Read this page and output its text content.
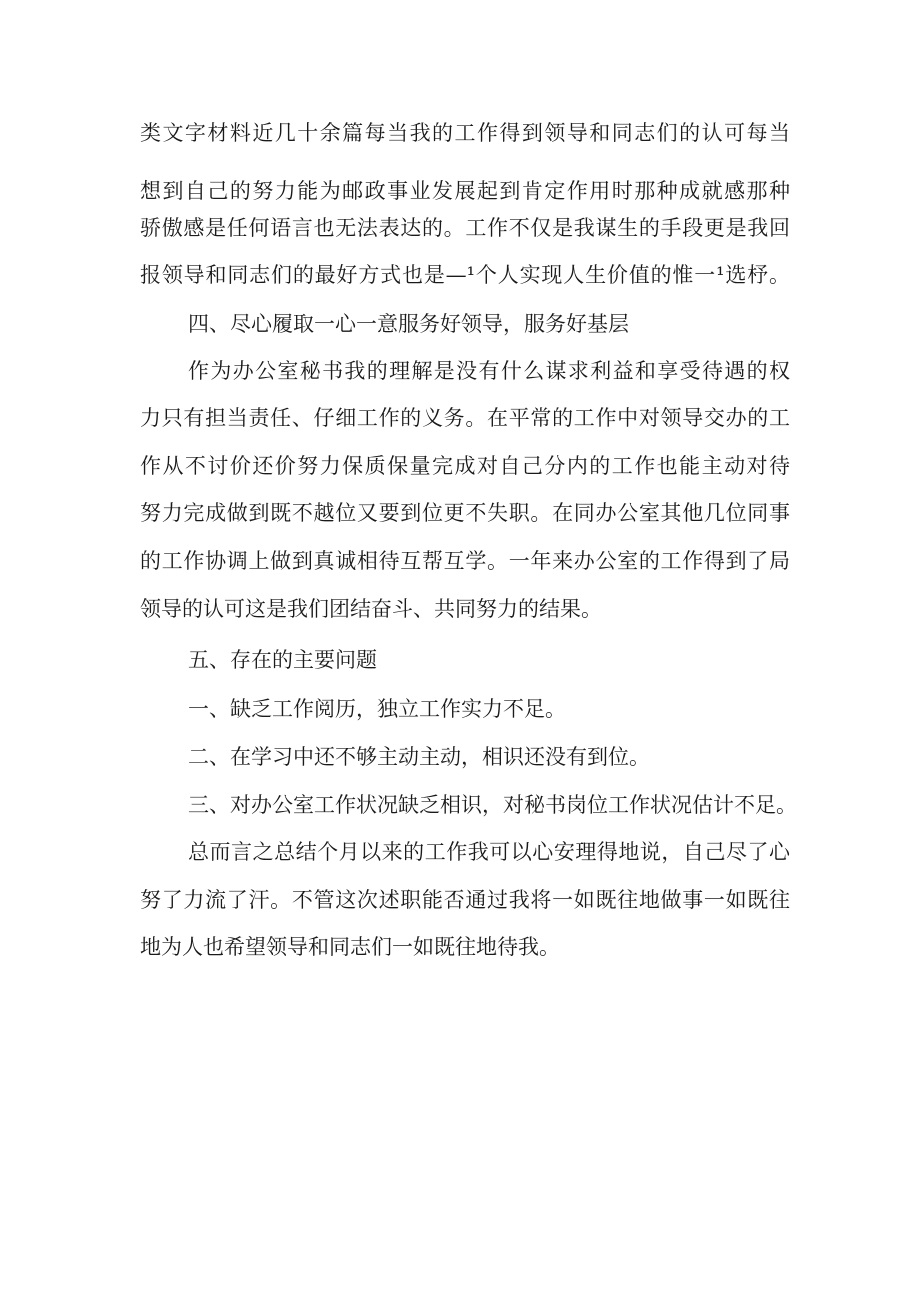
类文字材料近几十余篇每当我的工作得到领导和同志们的认可每当
想到自己的努力能为邮政事业发展起到肯定作用时那种成就感那种
骄傲感是任何语言也无法表达的。工作不仅是我谋生的手段更是我回
报领导和同志们的最好方式也是—¹个人实现人生价值的惟一¹选杼。
四、尽心履取一心一意服务好领导，服务好基层
作为办公室秘书我的理解是没有什么谋求利益和享受待遇的权
力只有担当责任、仔细工作的义务。在平常的工作中对领导交办的工
作从不讨价还价努力保质保量完成对自己分内的工作也能主动对待
努力完成做到既不越位又要到位更不失职。在同办公室其他几位同事
的工作协调上做到真诚相待互帮互学。一年来办公室的工作得到了局
领导的认可这是我们团结奋斗、共同努力的结果。
五、存在的主要问题
一、缺乏工作阅历，独立工作实力不足。
二、在学习中还不够主动主动，相识还没有到位。
三、对办公室工作状况缺乏相识，对秘书岗位工作状况估计不足。
总而言之总结个月以来的工作我可以心安理得地说，自己尽了心
努了力流了汗。不管这次述职能否通过我将一如既往地做事一如既往
地为人也希望领导和同志们一如既往地待我。
